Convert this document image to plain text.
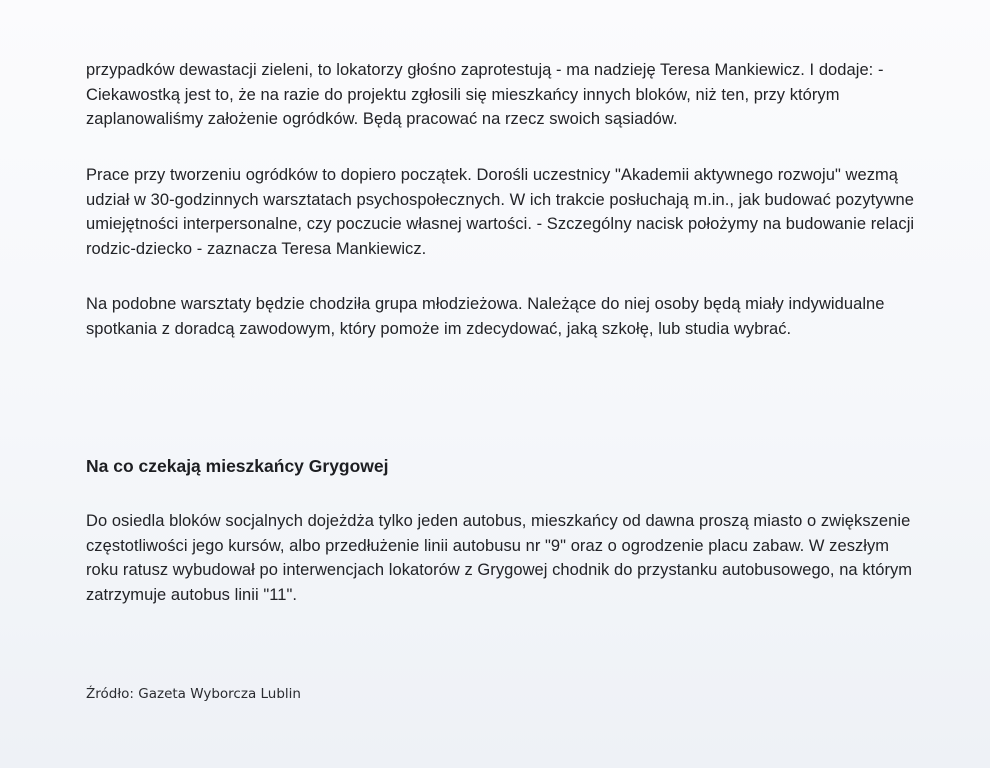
przypadków dewastacji zieleni, to lokatorzy głośno zaprotestują - ma nadzieję Teresa Mankiewicz. I dodaje: - Ciekawostką jest to, że na razie do projektu zgłosili się mieszkańcy innych bloków, niż ten, przy którym zaplanowaliśmy założenie ogródków. Będą pracować na rzecz swoich sąsiadów.

Prace przy tworzeniu ogródków to dopiero początek. Dorośli uczestnicy "Akademii aktywnego rozwoju" wezmą udział w 30-godzinnych warsztatach psychospołecznych. W ich trakcie posłuchają m.in., jak budować pozytywne umiejętności interpersonalne, czy poczucie własnej wartości. - Szczególny nacisk położymy na budowanie relacji rodzic-dziecko - zaznacza Teresa Mankiewicz.

Na podobne warsztaty będzie chodziła grupa młodzieżowa. Należące do niej osoby będą miały indywidualne spotkania z doradcą zawodowym, który pomoże im zdecydować, jaką szkołę, lub studia wybrać.

Na co czekają mieszkańcy Grygowej

Do osiedla bloków socjalnych dojeżdża tylko jeden autobus, mieszkańcy od dawna proszą miasto o zwiększenie częstotliwości jego kursów, albo przedłużenie linii autobusu nr "9" oraz o ogrodzenie placu zabaw. W zeszłym roku ratusz wybudował po interwencjach lokatorów z Grygowej chodnik do przystanku autobusowego, na którym zatrzymuje autobus linii "11".

Źródło: Gazeta Wyborcza Lublin
